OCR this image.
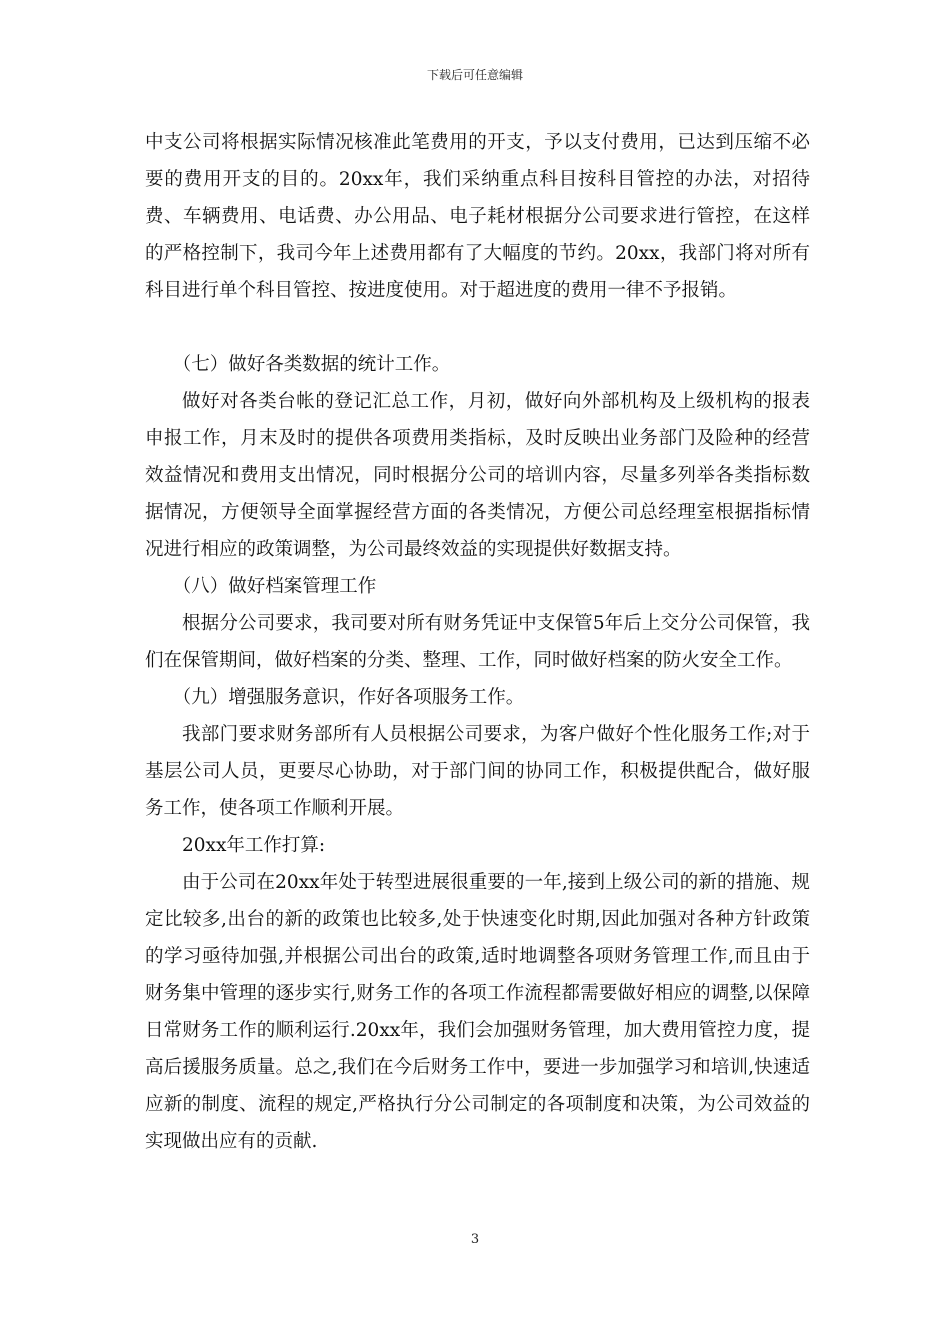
下载后可任意编辑

中支公司将根据实际情况核准此笔费用的开支，予以支付费用，已达到压缩不必要的费用开支的目的。20xx年，我们采纳重点科目按科目管控的办法，对招待费、车辆费用、电话费、办公用品、电子耗材根据分公司要求进行管控，在这样的严格控制下，我司今年上述费用都有了大幅度的节约。20xx，我部门将对所有科目进行单个科目管控、按进度使用。对于超进度的费用一律不予报销。

（七）做好各类数据的统计工作。

做好对各类台帐的登记汇总工作，月初，做好向外部机构及上级机构的报表申报工作，月末及时的提供各项费用类指标，及时反映出业务部门及险种的经营效益情况和费用支出情况，同时根据分公司的培训内容，尽量多列举各类指标数据情况，方便领导全面掌握经营方面的各类情况，方便公司总经理室根据指标情况进行相应的政策调整，为公司最终效益的实现提供好数据支持。

（八）做好档案管理工作

根据分公司要求，我司要对所有财务凭证中支保管5年后上交分公司保管，我们在保管期间，做好档案的分类、整理、工作，同时做好档案的防火安全工作。

（九）增强服务意识，作好各项服务工作。

我部门要求财务部所有人员根据公司要求，为客户做好个性化服务工作;对于基层公司人员，更要尽心协助，对于部门间的协同工作，积极提供配合，做好服务工作，使各项工作顺利开展。

20xx年工作打算:

由于公司在20xx年处于转型进展很重要的一年,接到上级公司的新的措施、规定比较多,出台的新的政策也比较多,处于快速变化时期,因此加强对各种方针政策的学习亟待加强,并根据公司出台的政策,适时地调整各项财务管理工作,而且由于财务集中管理的逐步实行,财务工作的各项工作流程都需要做好相应的调整,以保障日常财务工作的顺利运行.20xx年，我们会加强财务管理，加大费用管控力度，提高后援服务质量。总之,我们在今后财务工作中，要进一步加强学习和培训,快速适应新的制度、流程的规定,严格执行分公司制定的各项制度和决策，为公司效益的实现做出应有的贡献.

3
